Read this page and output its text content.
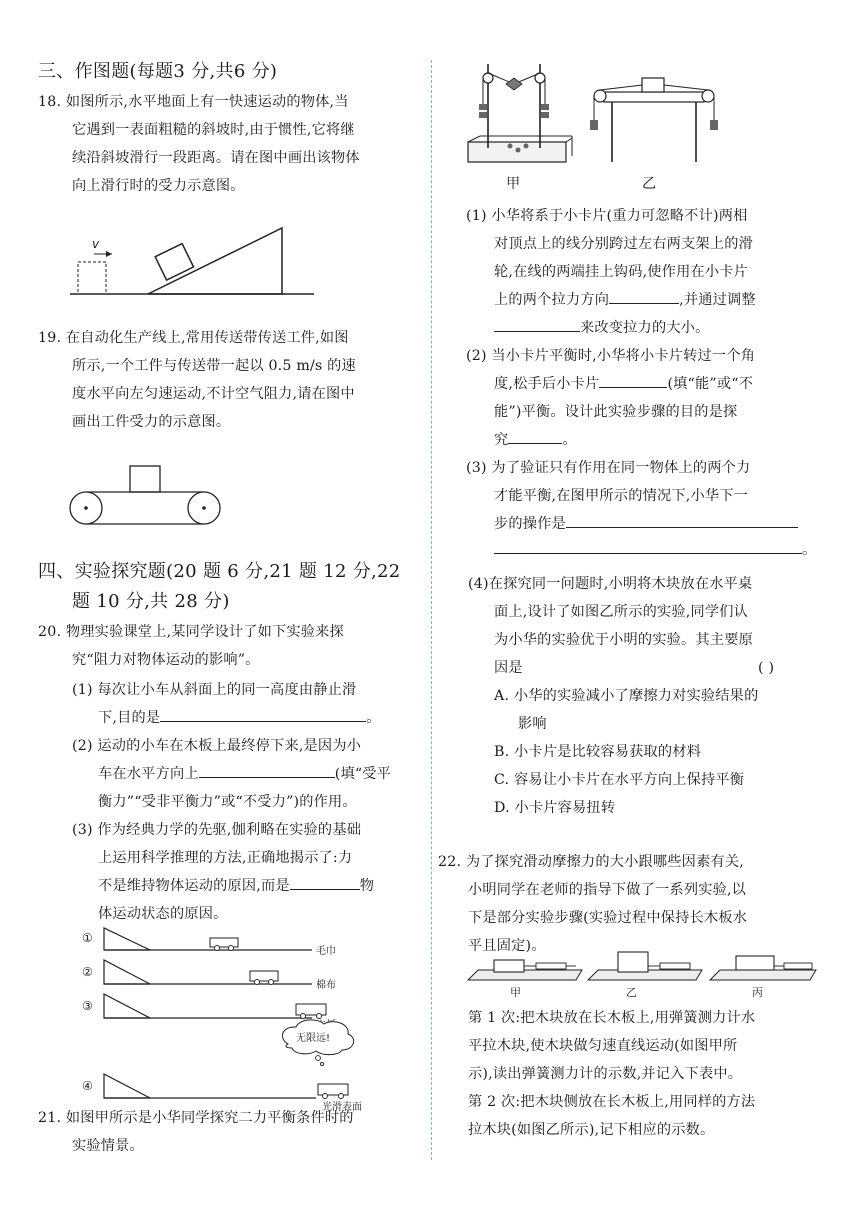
三、作图题(每题3 分,共6 分)
18. 如图所示,水平地面上有一快速运动的物体,当
它遇到一表面粗糙的斜坡时,由于惯性,它将继
续沿斜坡滑行一段距离。请在图中画出该物体
向上滑行时的受力示意图。
v
19. 在自动化生产线上,常用传送带传送工件,如图
所示,一个工件与传送带一起以 0.5 m/s 的速
度水平向左匀速运动,不计空气阻力,请在图中
画出工件受力的示意图。
四、实验探究题(20 题 6 分,21 题 12 分,22
题 10 分,共 28 分)
20. 物理实验课堂上,某同学设计了如下实验来探
究“阻力对物体运动的影响”。
(1) 每次让小车从斜面上的同一高度由静止滑
下,目的是	。
(2) 运动的小车在木板上最终停下来,是因为小
车在水平方向上	(填“受平
衡力”“受非平衡力”或“不受力”)的作用。
(3) 作为经典力学的先驱,伽利略在实验的基础
上运用科学推理的方法,正确地揭示了:力
不是维持物体运动的原因,而是	物
体运动状态的原因。
①
毛巾
②
棉布
③
无限远!
④
光滑表面
21. 如图甲所示是小华同学探究二力平衡条件时的
实验情景。
甲	乙
(1) 小华将系于小卡片(重力可忽略不计)两相
对顶点上的线分别跨过左右两支架上的滑
轮,在线的两端挂上钩码,使作用在小卡片
上的两个拉力方向	,并通过调整
来改变拉力的大小。
(2) 当小卡片平衡时,小华将小卡片转过一个角
度,松手后小卡片	(填“能”或“不
能”)平衡。设计此实验步骤的目的是探
究	。
(3) 为了验证只有作用在同一物体上的两个力
才能平衡,在图甲所示的情况下,小华下一
步的操作是
。
(4)在探究同一问题时,小明将木块放在水平桌
面上,设计了如图乙所示的实验,同学们认
为小华的实验优于小明的实验。其主要原
因是	( )
A. 小华的实验减小了摩擦力对实验结果的
影响
B. 小卡片是比较容易获取的材料
C. 容易让小卡片在水平方向上保持平衡
D. 小卡片容易扭转
22. 为了探究滑动摩擦力的大小跟哪些因素有关,
小明同学在老师的指导下做了一系列实验,以
下是部分实验步骤(实验过程中保持长木板水
平且固定)。
甲	乙	丙
第 1 次:把木块放在长木板上,用弹簧测力计水
平拉木块,使木块做匀速直线运动(如图甲所
示),读出弹簧测力计的示数,并记入下表中。
第 2 次:把木块侧放在长木板上,用同样的方法
拉木块(如图乙所示),记下相应的示数。
